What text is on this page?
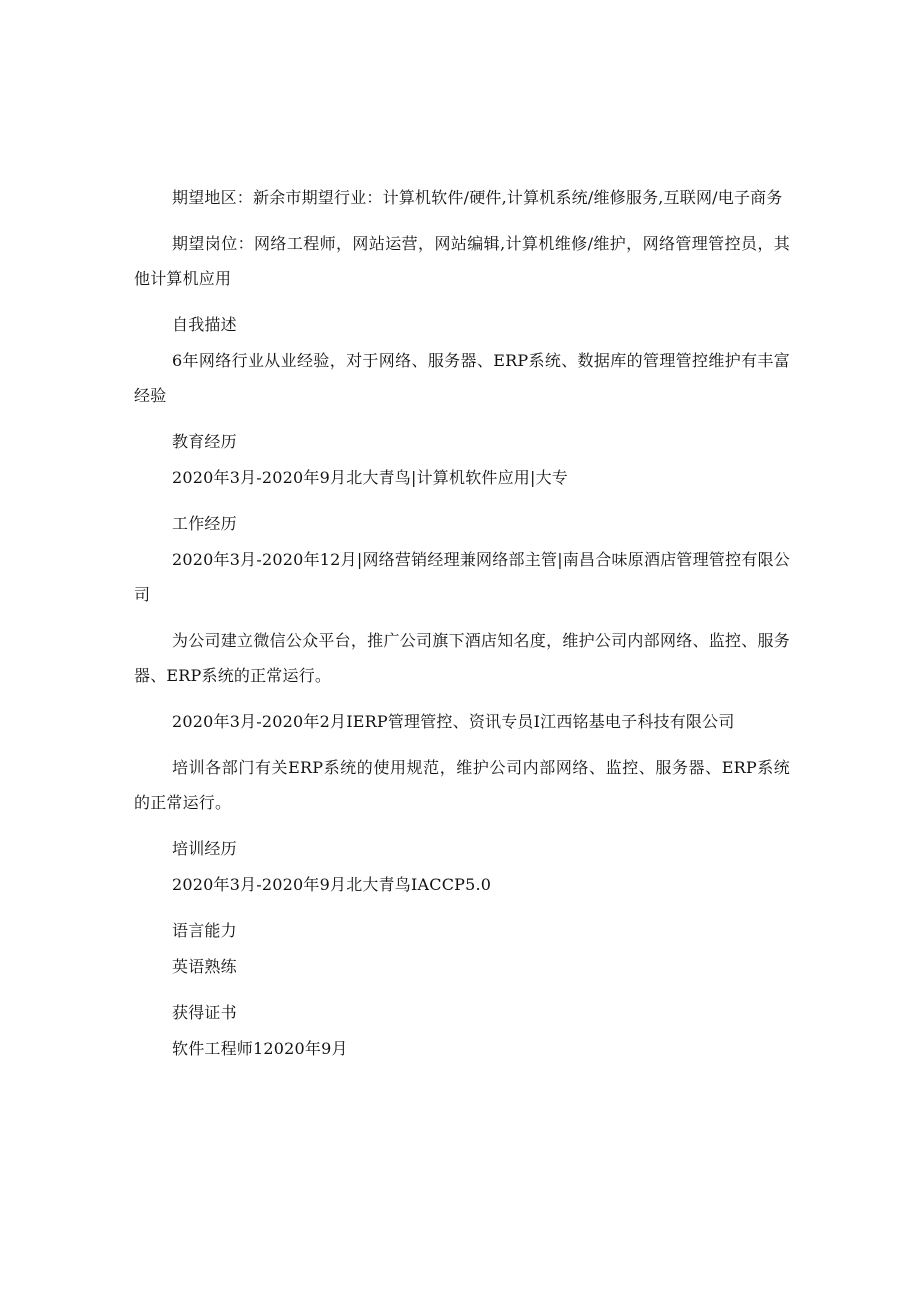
期望地区：新余市期望行业：计算机软件/硬件,计算机系统/维修服务,互联网/电子商务

期望岗位：网络工程师，网站运营，网站编辑,计算机维修/维护，网络管理管控员，其他计算机应用

自我描述

6年网络行业从业经验，对于网络、服务器、ERP系统、数据库的管理管控维护有丰富经验

教育经历

2020年3月-2020年9月北大青鸟|计算机软件应用|大专

工作经历

2020年3月-2020年12月|网络营销经理兼网络部主管|南昌合味原酒店管理管控有限公司

为公司建立微信公众平台，推广公司旗下酒店知名度，维护公司内部网络、监控、服务器、ERP系统的正常运行。

2020年3月-2020年2月IERP管理管控、资讯专员I江西铭基电子科技有限公司

培训各部门有关ERP系统的使用规范，维护公司内部网络、监控、服务器、ERP系统的正常运行。

培训经历

2020年3月-2020年9月北大青鸟IACCP5.0

语言能力

英语熟练

获得证书

软件工程师12020年9月
